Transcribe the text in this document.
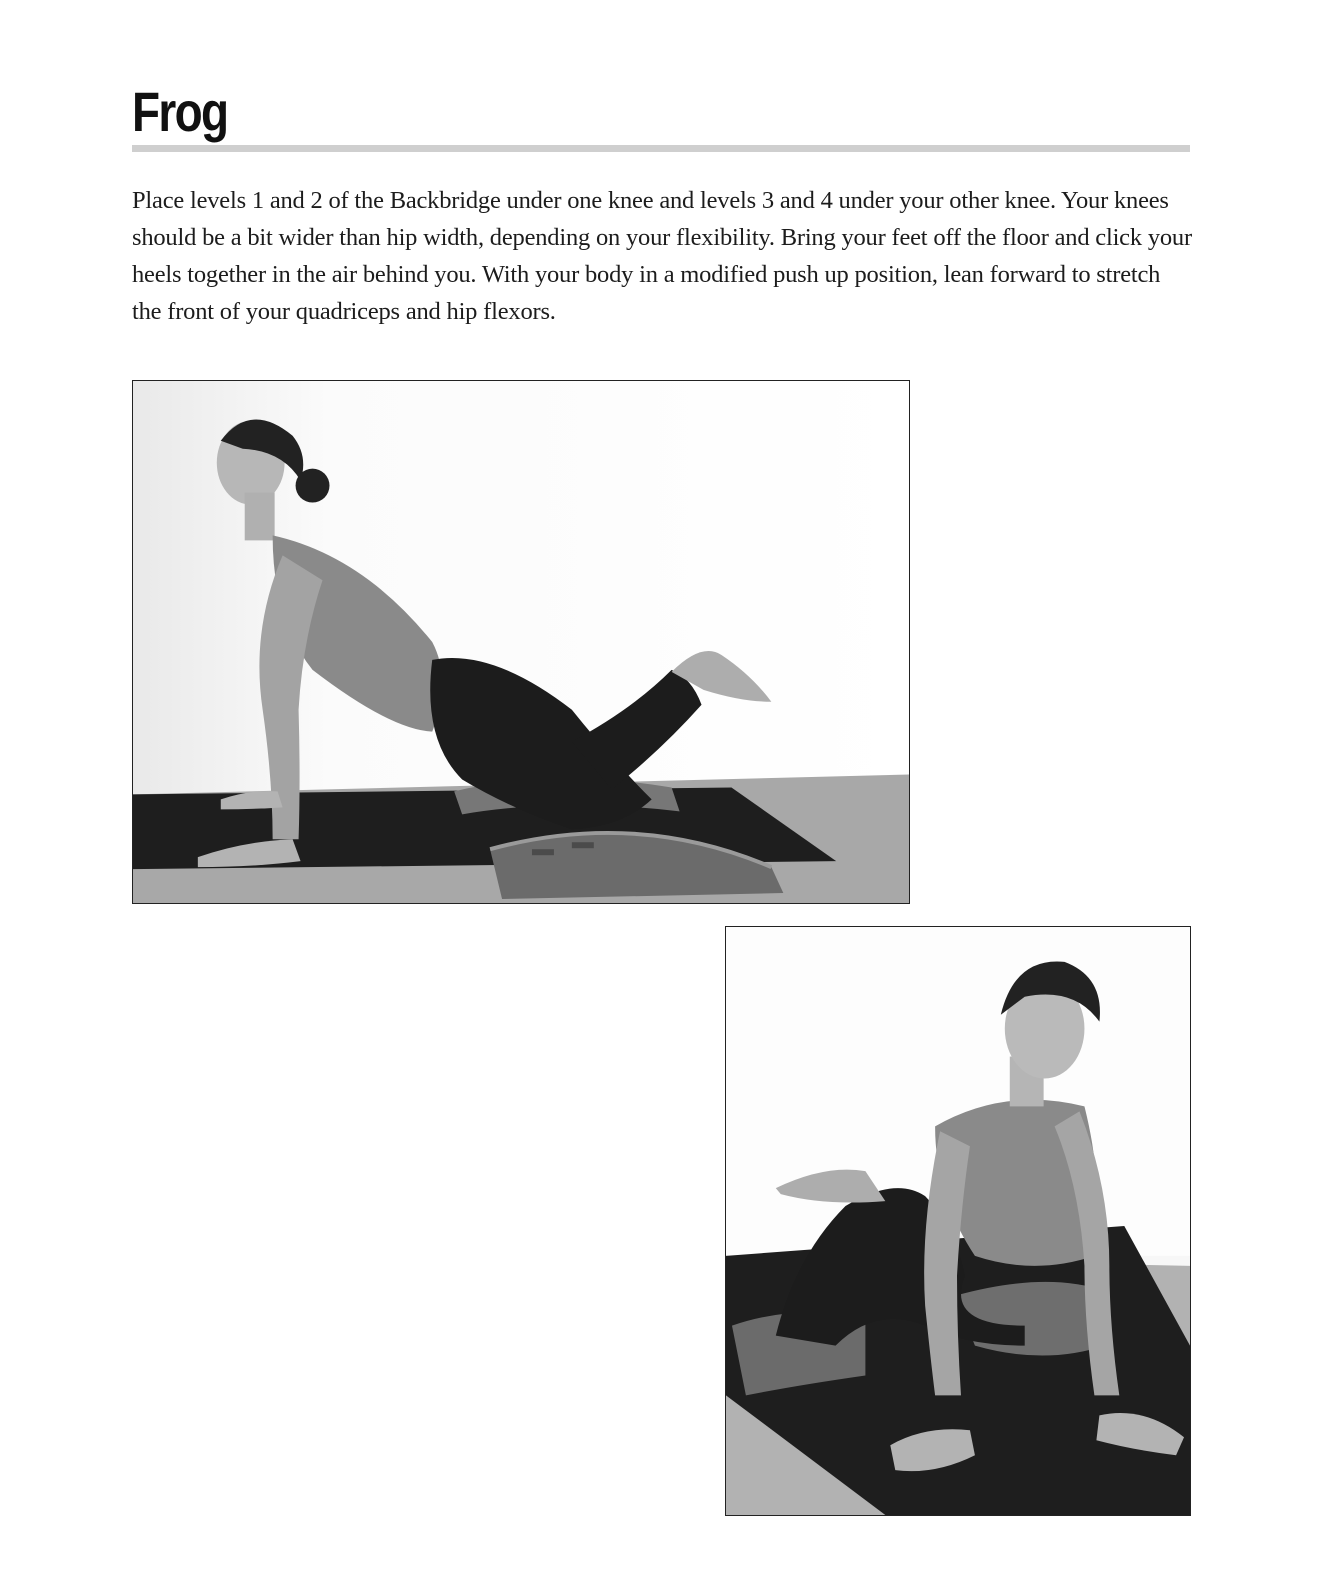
Frog

Place levels 1 and 2 of the Backbridge under one knee and levels 3 and 4 under your other knee. Your knees should be a bit wider than hip width, depending on your flexibility. Bring your feet off the floor and click your heels together in the air behind you. With your body in a modified push up position, lean forward to stretch the front of your quadriceps and hip flexors.
